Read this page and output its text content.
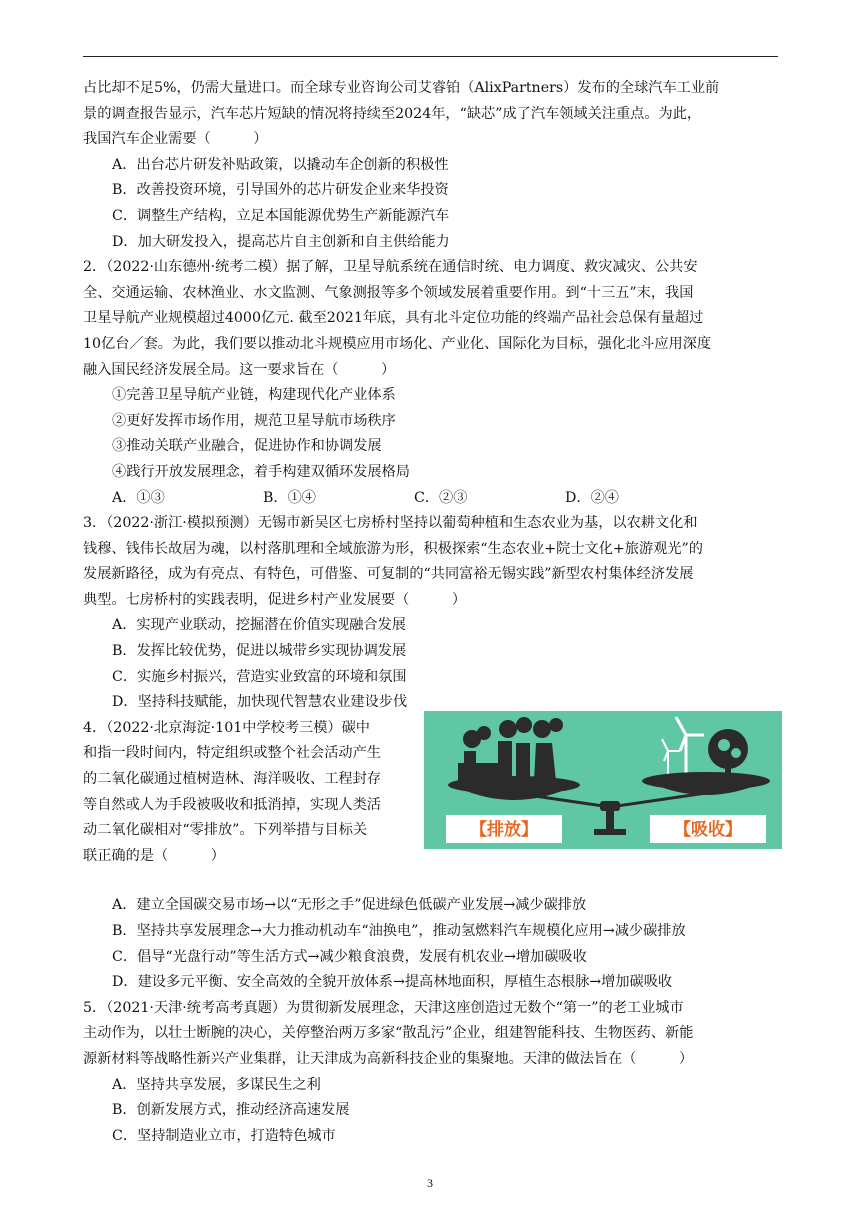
占比却不足5%，仍需大量进口。而全球专业咨询公司艾睿铂（AlixPartners）发布的全球汽车工业前
景的调查报告显示，汽车芯片短缺的情况将持续至2024年，“缺芯”成了汽车领域关注重点。为此，
我国汽车企业需要（　　　）
A．出台芯片研发补贴政策，以撬动车企创新的积极性
B．改善投资环境，引导国外的芯片研发企业来华投资
C．调整生产结构，立足本国能源优势生产新能源汽车
D．加大研发投入，提高芯片自主创新和自主供给能力
2．（2022·山东德州·统考二模）据了解，卫星导航系统在通信时统、电力调度、救灾减灾、公共安
全、交通运输、农林渔业、水文监测、气象测报等多个领域发展着重要作用。到“十三五”末，我国
卫星导航产业规模超过4000亿元. 截至2021年底，具有北斗定位功能的终端产品社会总保有量超过
10亿台／套。为此，我们要以推动北斗规模应用市场化、产业化、国际化为目标，强化北斗应用深度
融入国民经济发展全局。这一要求旨在（　　　）
①完善卫星导航产业链，构建现代化产业体系
②更好发挥市场作用，规范卫星导航市场秩序
③推动关联产业融合，促进协作和协调发展
④践行开放发展理念，着手构建双循环发展格局
A．①③	B．①④	C．②③	D．②④
3．（2022·浙江·模拟预测）无锡市新吴区七房桥村坚持以葡萄种植和生态农业为基，以农耕文化和
钱穆、钱伟长故居为魂，以村落肌理和全域旅游为形，积极探索“生态农业+院士文化+旅游观光”的
发展新路径，成为有亮点、有特色，可借鉴、可复制的“共同富裕无锡实践”新型农村集体经济发展
典型。七房桥村的实践表明，促进乡村产业发展要（　　　）
A．实现产业联动，挖掘潜在价值实现融合发展
B．发挥比较优势，促进以城带乡实现协调发展
C．实施乡村振兴，营造实业致富的环境和氛围
D．坚持科技赋能，加快现代智慧农业建设步伐
4．（2022·北京海淀·101中学校考三模）碳中
和指一段时间内，特定组织或整个社会活动产生
的二氧化碳通过植树造林、海洋吸收、工程封存
等自然或人为手段被吸收和抵消掉，实现人类活
动二氧化碳相对“零排放”。下列举措与目标关
联正确的是（　　　）
A．建立全国碳交易市场→以“无形之手”促进绿色低碳产业发展→减少碳排放
B．坚持共享发展理念→大力推动机动车“油换电”，推动氢燃料汽车规模化应用→减少碳排放
C．倡导“光盘行动”等生活方式→减少粮食浪费，发展有机农业→增加碳吸收
D．建设多元平衡、安全高效的全貌开放体系→提高林地面积，厚植生态根脉→增加碳吸收
5．（2021·天津·统考高考真题）为贯彻新发展理念，天津这座创造过无数个“第一”的老工业城市
主动作为，以壮士断腕的决心，关停整治两万多家“散乱污”企业，组建智能科技、生物医药、新能
源新材料等战略性新兴产业集群，让天津成为高新科技企业的集聚地。天津的做法旨在（　　　）
A．坚持共享发展，多谋民生之利
B．创新发展方式，推动经济高速发展
C．坚持制造业立市，打造特色城市
【排放】	【吸收】
3
